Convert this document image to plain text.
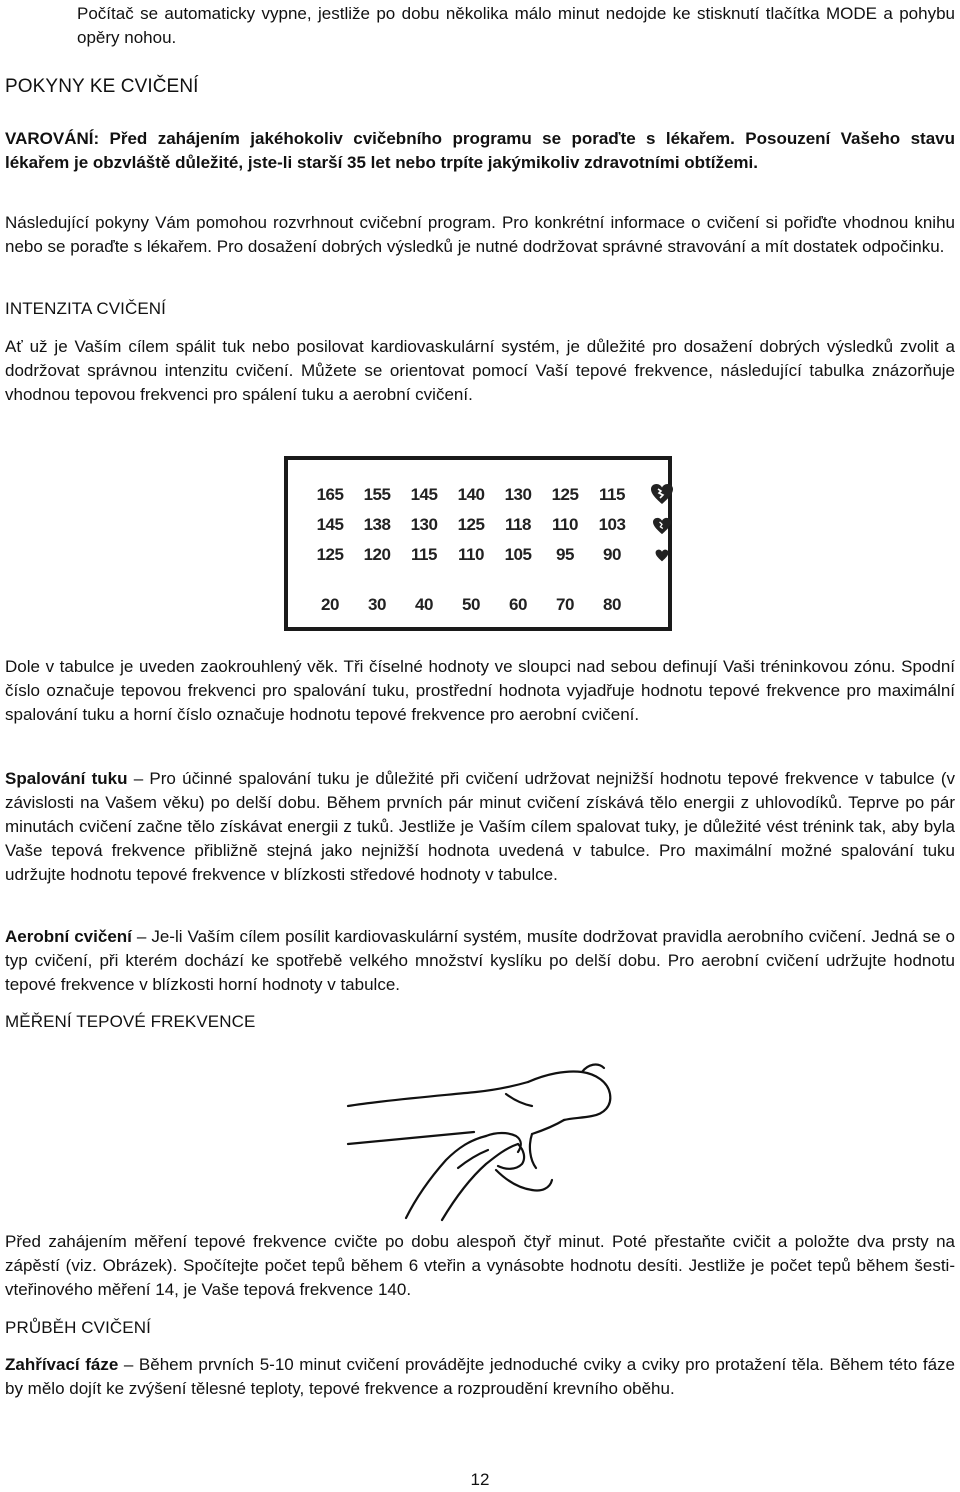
Počítač se automaticky vypne, jestliže po dobu několika málo minut nedojde ke stisknutí tlačítka MODE a pohybu opěry nohou.

POKYNY KE CVIČENÍ

VAROVÁNÍ: Před zahájením jakéhokoliv cvičebního programu se poraďte s lékařem. Posouzení Vašeho stavu lékařem je obzvláště důležité, jste-li starší 35 let nebo trpíte jakýmikoliv zdravotními obtížemi.

Následující pokyny Vám pomohou rozvrhnout cvičební program. Pro konkrétní informace o cvičení si pořiďte vhodnou knihu nebo se poraďte s lékařem. Pro dosažení dobrých výsledků je nutné dodržovat správné stravování a mít dostatek odpočinku.

INTENZITA CVIČENÍ

Ať už je Vaším cílem spálit tuk nebo posilovat kardiovaskulární systém, je důležité pro dosažení dobrých výsledků zvolit a dodržovat správnou intenzitu cvičení. Můžete se orientovat pomocí Vaší tepové frekvence, následující tabulka znázorňuje vhodnou tepovou frekvenci pro spálení tuku a aerobní cvičení.

Dole v tabulce je uveden zaokrouhlený věk. Tři číselné hodnoty ve sloupci nad sebou definují Vaši tréninkovou zónu. Spodní číslo označuje tepovou frekvenci pro spalování tuku, prostřední hodnota vyjadřuje hodnotu tepové frekvence pro maximální spalování tuku a horní číslo označuje hodnotu tepové frekvence pro aerobní cvičení.

Spalování tuku – Pro účinné spalování tuku je důležité při cvičení udržovat nejnižší hodnotu tepové frekvence v tabulce (v závislosti na Vašem věku) po delší dobu. Během prvních pár minut cvičení získává tělo energii z uhlovodíků. Teprve po pár minutách cvičení začne tělo získávat energii z tuků. Jestliže je Vaším cílem spalovat tuky, je důležité vést trénink tak, aby byla Vaše tepová frekvence přibližně stejná jako nejnižší hodnota uvedená v tabulce. Pro maximální možné spalování tuku udržujte hodnotu tepové frekvence v blízkosti středové hodnoty v tabulce.

Aerobní cvičení – Je-li Vaším cílem posílit kardiovaskulární systém, musíte dodržovat pravidla aerobního cvičení. Jedná se o typ cvičení, při kterém dochází ke spotřebě velkého množství kyslíku po delší dobu. Pro aerobní cvičení udržujte hodnotu tepové frekvence v blízkosti horní hodnoty v tabulce.

MĚŘENÍ TEPOVÉ FREKVENCE

Před zahájením měření tepové frekvence cvičte po dobu alespoň čtyř minut. Poté přestaňte cvičit a položte dva prsty na zápěstí (viz. Obrázek). Spočítejte počet tepů během 6 vteřin a vynásobte hodnotu desíti. Jestliže je počet tepů během šesti-vteřinového měření 14, je Vaše tepová frekvence 140.

PRŮBĚH CVIČENÍ

Zahřívací fáze – Během prvních 5-10 minut cvičení provádějte jednoduché cviky a cviky pro protažení těla. Během této fáze by mělo dojít ke zvýšení tělesné teploty, tepové frekvence a rozproudění krevního oběhu.

165	155	145	140	130	125	115
145	138	130	125	118	110	103
125	120	115	110	105	95	90
20	30	40	50	60	70	80
12
